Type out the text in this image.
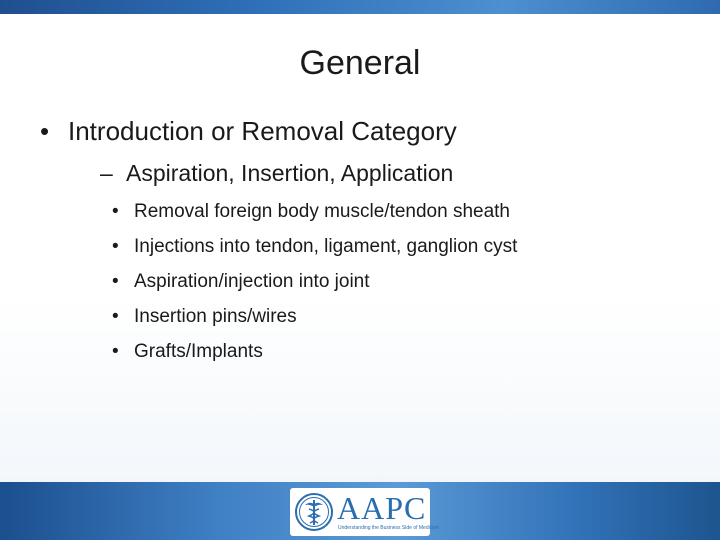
General
• Introduction or Removal Category
– Aspiration, Insertion, Application
• Removal foreign body muscle/tendon sheath
• Injections into tendon, ligament, ganglion cyst
• Aspiration/injection into joint
• Insertion pins/wires
• Grafts/Implants
AAPC
Understanding the Business Side of Medicine
